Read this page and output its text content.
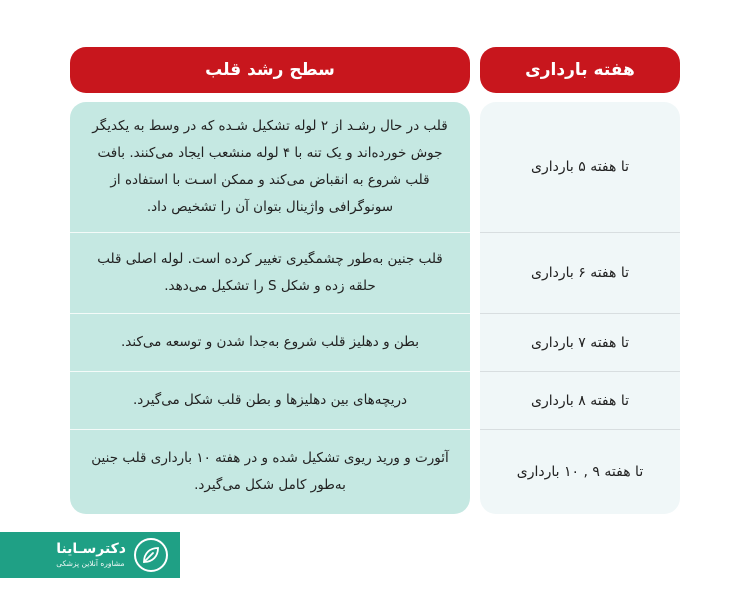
هفته بارداری
سطح رشد قلب
تا هفته ۵ بارداری
تا هفته ۶ بارداری
تا هفته ۷ بارداری
تا هفته ۸ بارداری
تا هفته ۹ , ۱۰ بارداری
قلب در حال رشـد از ۲ لوله تشکیل شـده که در وسط به یکدیگر جوش خورده‌اند و یک تنه با ۴ لوله منشعب ایجاد می‌کنند. بافت قلب شروع به انقباض می‌کند و ممکن اسـت با استفاده از سونوگرافی واژینال بتوان آن را تشخیص داد.
قلب جنین به‌طور چشمگیری تغییر کرده است. لوله اصلی قلب حلقه زده و شکل S را تشکیل می‌دهد.
بطن و دهلیز قلب شروع به‌جدا شدن و توسعه می‌کند.
دریچه‌های بین دهلیزها و بطن قلب شکل می‌گیرد.
آئورت و ورید ریوی تشکیل شده و در هفته ۱۰ بارداری قلب جنین به‌طور کامل شکل می‌گیرد.
دکترسـاینا
مشاوره آنلاین پزشکی
